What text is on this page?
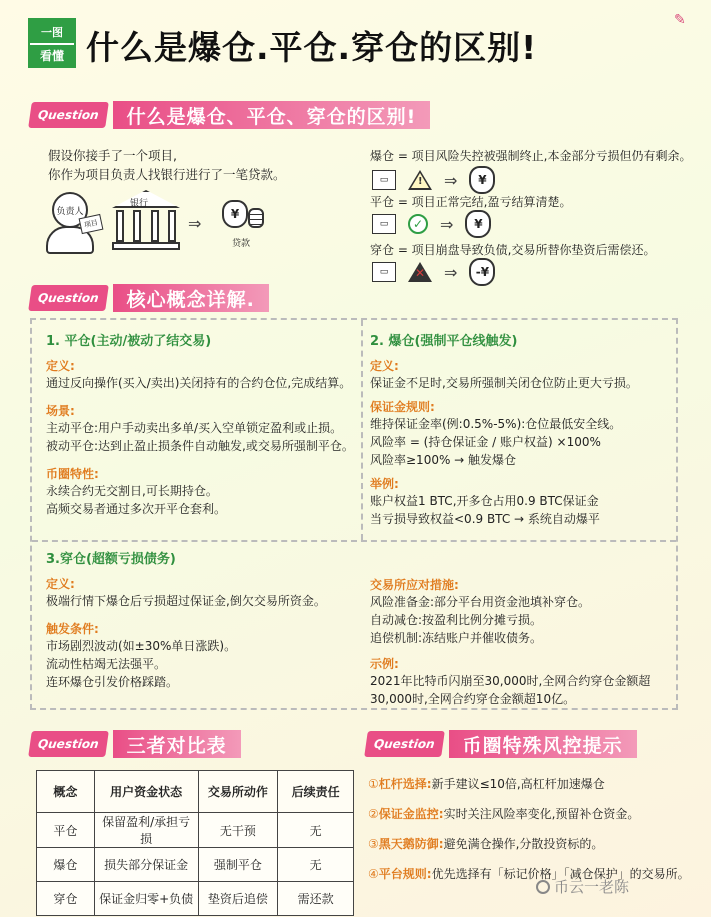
一图
看懂 什么是爆仓.平仓.穿仓的区别!
✎
Question	什么是爆仓、平仓、穿仓的区别!
假设你接手了一个项目,
你作为项目负责人找银行进行了一笔贷款。
负责人
项目
银行
⇒	¥
贷款
爆仓 = 项目风险失控被强制终止,本金部分亏损但仍有剩余。
▭	! ⇒	¥
平仓 = 项目正常完结,盈亏结算清楚。
▭	✓	⇒	¥
穿仓 = 项目崩盘导致负债,交易所替你垫资后需偿还。
▭	✕ ⇒	-¥
Question	核心概念详解.
1. 平仓(主动/被动了结交易)
定义:
通过反向操作(买入/卖出)关闭持有的合约仓位,完成结算。
场景:
主动平仓:用户手动卖出多单/买入空单锁定盈利或止损。
被动平仓:达到止盈止损条件自动触发,或交易所强制平仓。
币圈特性:
永续合约无交割日,可长期持仓。
高频交易者通过多次开平仓套利。
2. 爆仓(强制平仓线触发)
定义:
保证金不足时,交易所强制关闭仓位防止更大亏损。
保证金规则:
维持保证金率(例:0.5%-5%):仓位最低安全线。
风险率 = (持仓保证金 / 账户权益) ×100%
风险率≥100% → 触发爆仓
举例:
账户权益1 BTC,开多仓占用0.9 BTC保证金
当亏损导致权益<0.9 BTC → 系统自动爆平
3.穿仓(超额亏损债务)
定义:
极端行情下爆仓后亏损超过保证金,倒欠交易所资金。
触发条件:
市场剧烈波动(如±30%单日涨跌)。
流动性枯竭无法强平。
连环爆仓引发价格踩踏。
交易所应对措施:
风险准备金:部分平台用资金池填补穿仓。
自动减仓:按盈利比例分摊亏损。
追偿机制:冻结账户并催收债务。
示例:
2021年比特币闪崩至30,000时,全网合约穿仓金额超
30,000时,全网合约穿仓金额超10亿。
Question	三者对比表
概念	用户资金状态	交易所动作	后续责任
平仓	保留盈利/承担亏损	无干预	无
爆仓	损失部分保证金	强制平仓	无
穿仓	保证金归零+负债	垫资后追偿	需还款
Question	币圈特殊风控提示
①杠杆选择:新手建议≤10倍,高杠杆加速爆仓
②保证金监控:实时关注风险率变化,预留补仓资金。
③黑天鹅防御:避免满仓操作,分散投资标的。
④平台规则:优先选择有「标记价格」「减仓保护」的交易所。
币云一老陈
